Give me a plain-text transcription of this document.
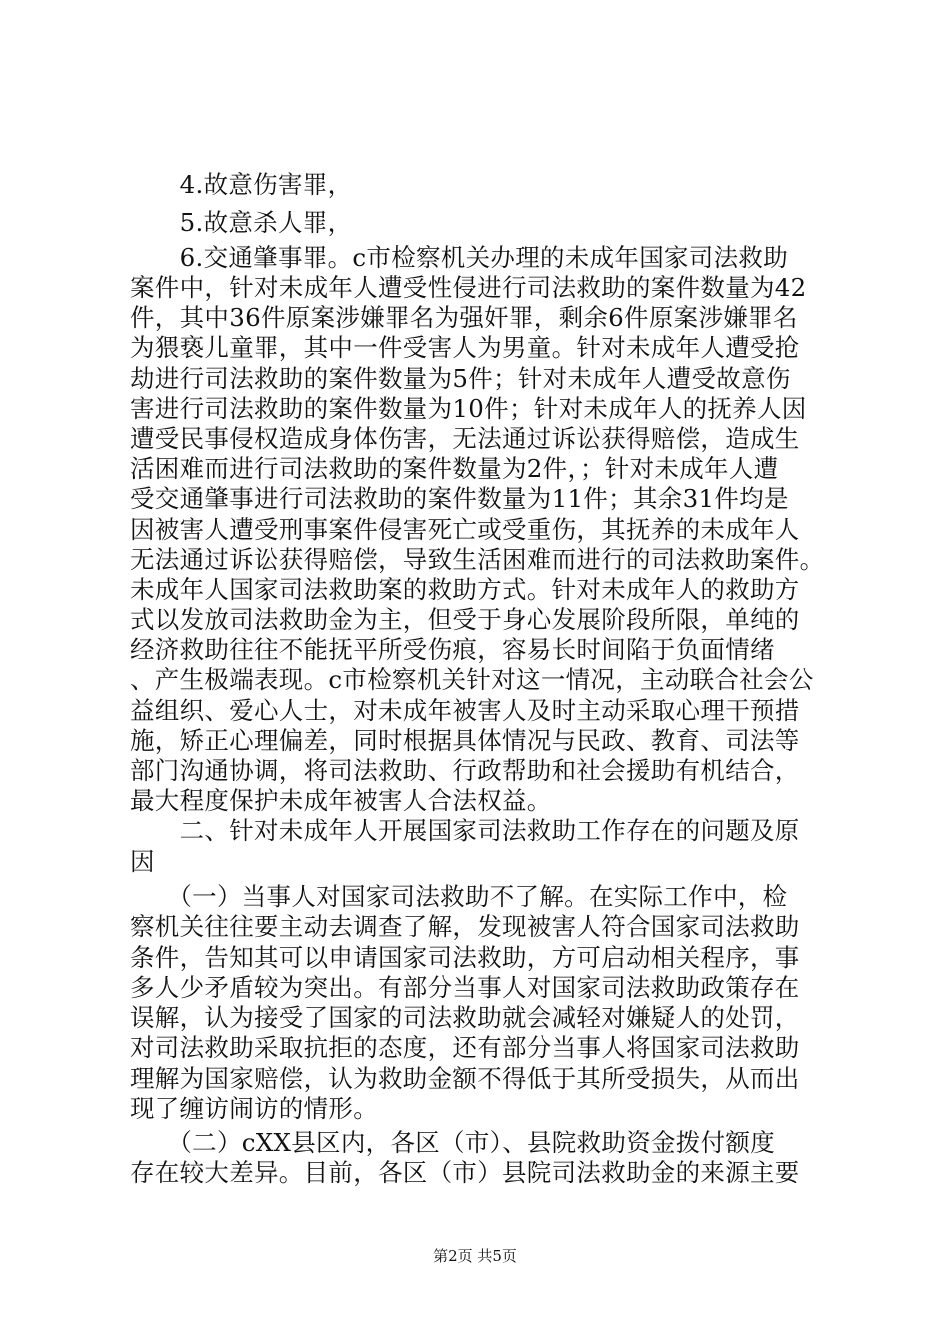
　　4.故意伤害罪，
　　5.故意杀人罪，
　　6.交通肇事罪。c市检察机关办理的未成年国家司法救助
案件中，针对未成年人遭受性侵进行司法救助的案件数量为42
件，其中36件原案涉嫌罪名为强奸罪，剩余6件原案涉嫌罪名
为猥亵儿童罪，其中一件受害人为男童。针对未成年人遭受抢
劫进行司法救助的案件数量为5件；针对未成年人遭受故意伤
害进行司法救助的案件数量为10件；针对未成年人的抚养人因
遭受民事侵权造成身体伤害，无法通过诉讼获得赔偿，造成生
活困难而进行司法救助的案件数量为2件，；针对未成年人遭
受交通肇事进行司法救助的案件数量为11件；其余31件均是
因被害人遭受刑事案件侵害死亡或受重伤，其抚养的未成年人
无法通过诉讼获得赔偿，导致生活困难而进行的司法救助案件。
未成年人国家司法救助案的救助方式。针对未成年人的救助方
式以发放司法救助金为主，但受于身心发展阶段所限，单纯的
经济救助往往不能抚平所受伤痕，容易长时间陷于负面情绪
、产生极端表现。c市检察机关针对这一情况，主动联合社会公
益组织、爱心人士，对未成年被害人及时主动采取心理干预措
施，矫正心理偏差，同时根据具体情况与民政、教育、司法等
部门沟通协调，将司法救助、行政帮助和社会援助有机结合，
最大程度保护未成年被害人合法权益。
　　二、针对未成年人开展国家司法救助工作存在的问题及原
因
　　（一）当事人对国家司法救助不了解。在实际工作中，检
察机关往往要主动去调查了解，发现被害人符合国家司法救助
条件，告知其可以申请国家司法救助，方可启动相关程序，事
多人少矛盾较为突出。有部分当事人对国家司法救助政策存在
误解，认为接受了国家的司法救助就会减轻对嫌疑人的处罚，
对司法救助采取抗拒的态度，还有部分当事人将国家司法救助
理解为国家赔偿，认为救助金额不得低于其所受损失，从而出
现了缠访闹访的情形。
　　（二）cXX县区内，各区（市）、县院救助资金拨付额度
存在较大差异。目前，各区（市）县院司法救助金的来源主要
第2页 共5页
